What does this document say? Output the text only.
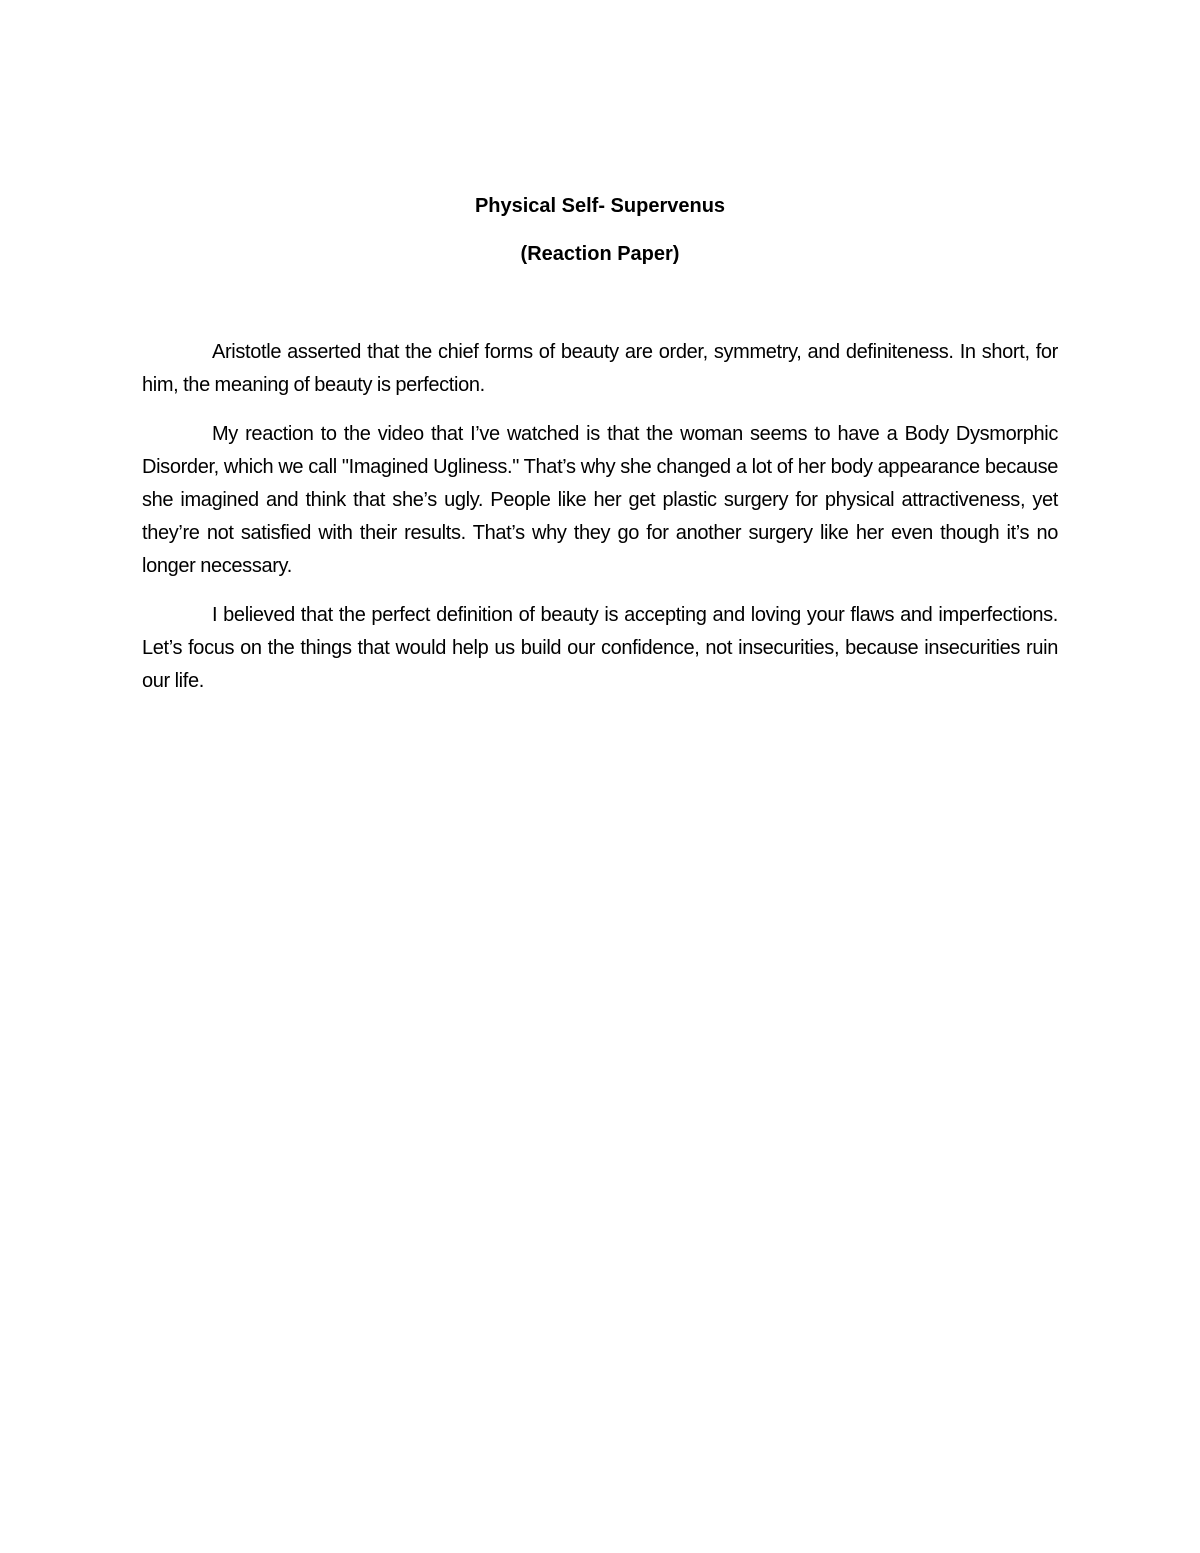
Physical Self- Supervenus

(Reaction Paper)

Aristotle asserted that the chief forms of beauty are order, symmetry, and definiteness. In short, for him, the meaning of beauty is perfection.

My reaction to the video that I’ve watched is that the woman seems to have a Body Dysmorphic Disorder, which we call "Imagined Ugliness." That’s why she changed a lot of her body appearance because she imagined and think that she’s ugly. People like her get plastic surgery for physical attractiveness, yet they’re not satisfied with their results. That’s why they go for another surgery like her even though it’s no longer necessary.

I believed that the perfect definition of beauty is accepting and loving your flaws and imperfections. Let’s focus on the things that would help us build our confidence, not insecurities, because insecurities ruin our life.
